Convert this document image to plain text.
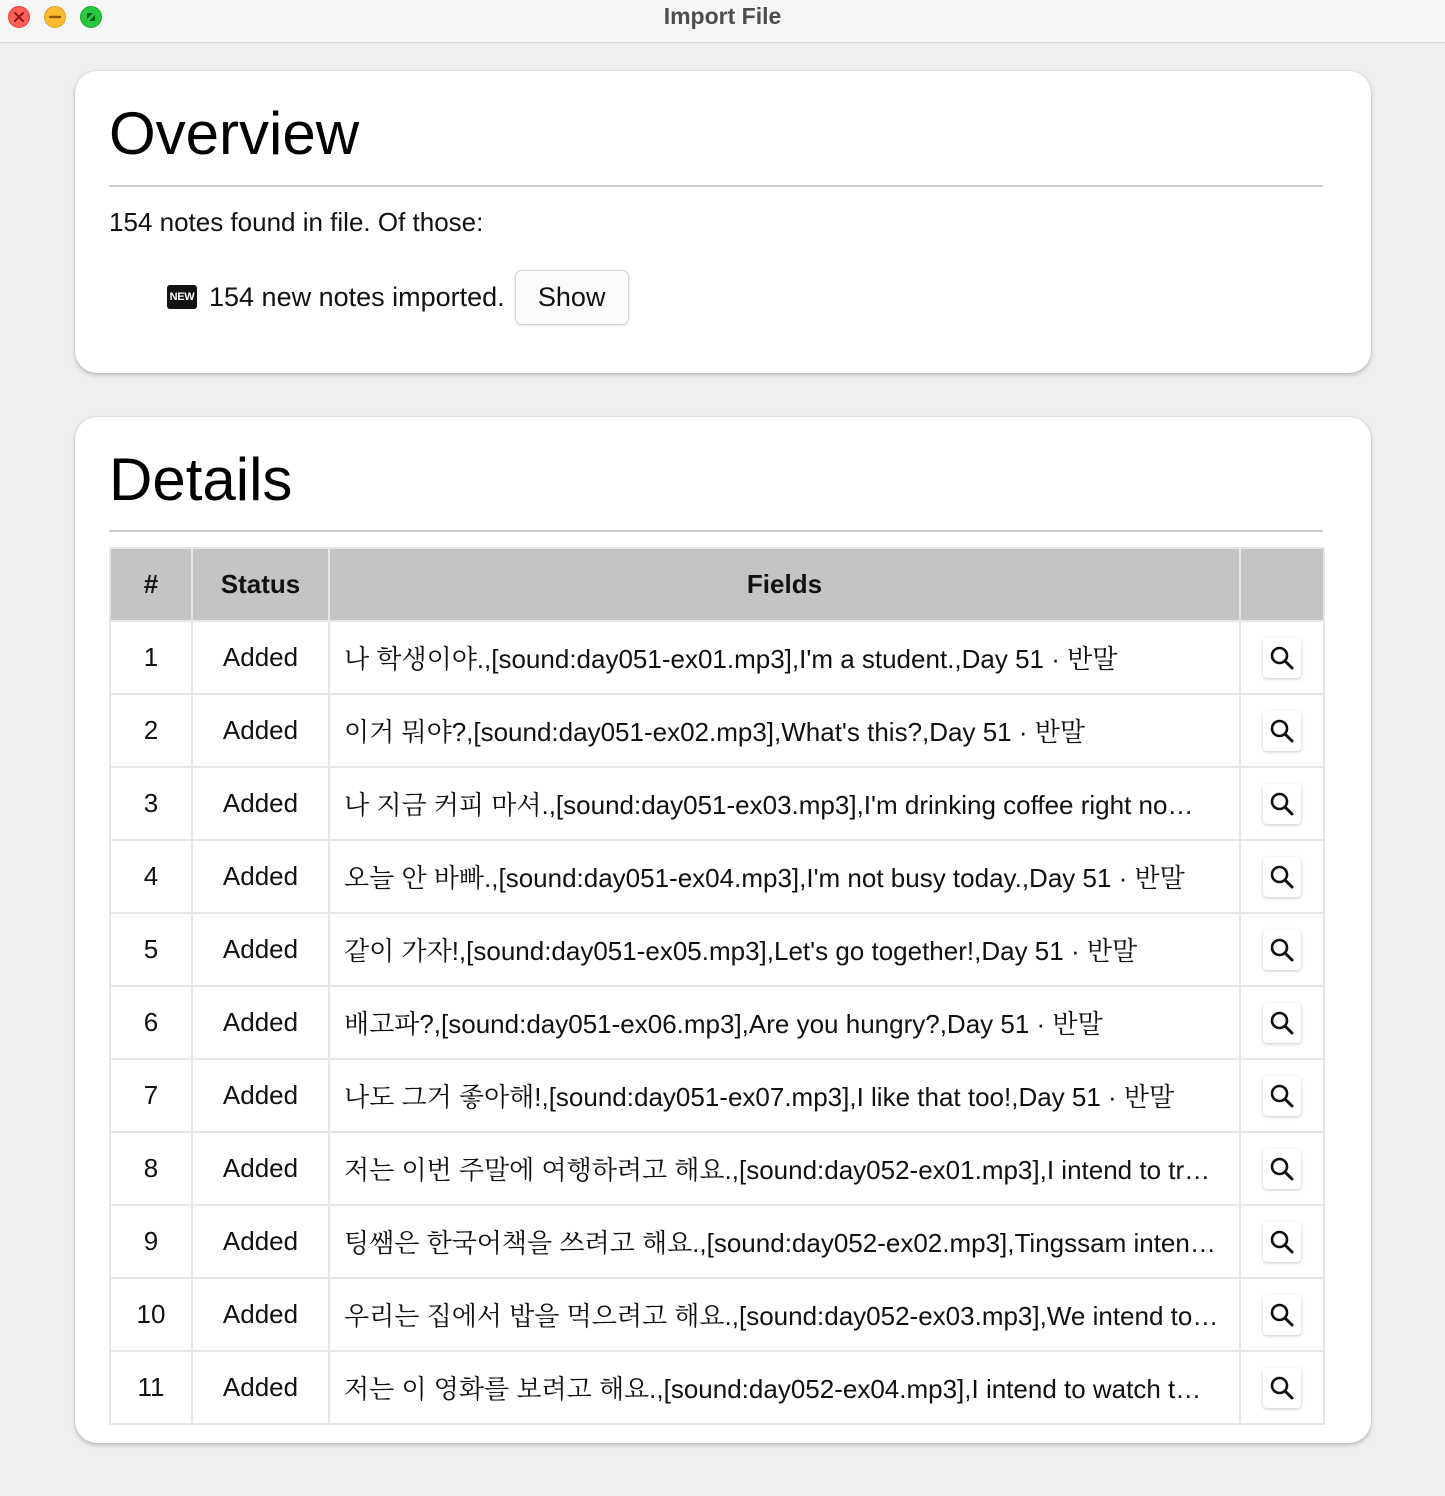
Import File
Overview
154 notes found in file. Of those:
NEW 154 new notes imported.	Show
Details
#	Status	Fields	
1	Added	나 학생이야.,[sound:day051-ex01.mp3],I'm a student.,Day 51 · 반말	

2	Added	이거 뭐야?,[sound:day051-ex02.mp3],What's this?,Day 51 · 반말	

3	Added	나 지금 커피 마셔.,[sound:day051-ex03.mp3],I'm drinking coffee right no…	

4	Added	오늘 안 바빠.,[sound:day051-ex04.mp3],I'm not busy today.,Day 51 · 반말	

5	Added	같이 가자!,[sound:day051-ex05.mp3],Let's go together!,Day 51 · 반말	

6	Added	배고파?,[sound:day051-ex06.mp3],Are you hungry?,Day 51 · 반말	

7	Added	나도 그거 좋아해!,[sound:day051-ex07.mp3],I like that too!,Day 51 · 반말	

8	Added	저는 이번 주말에 여행하려고 해요.,[sound:day052-ex01.mp3],I intend to tr…	

9	Added	팅쌤은 한국어책을 쓰려고 해요.,[sound:day052-ex02.mp3],Tingssam inten…	

10	Added	우리는 집에서 밥을 먹으려고 해요.,[sound:day052-ex03.mp3],We intend to…	

11	Added	저는 이 영화를 보려고 해요.,[sound:day052-ex04.mp3],I intend to watch t…	
